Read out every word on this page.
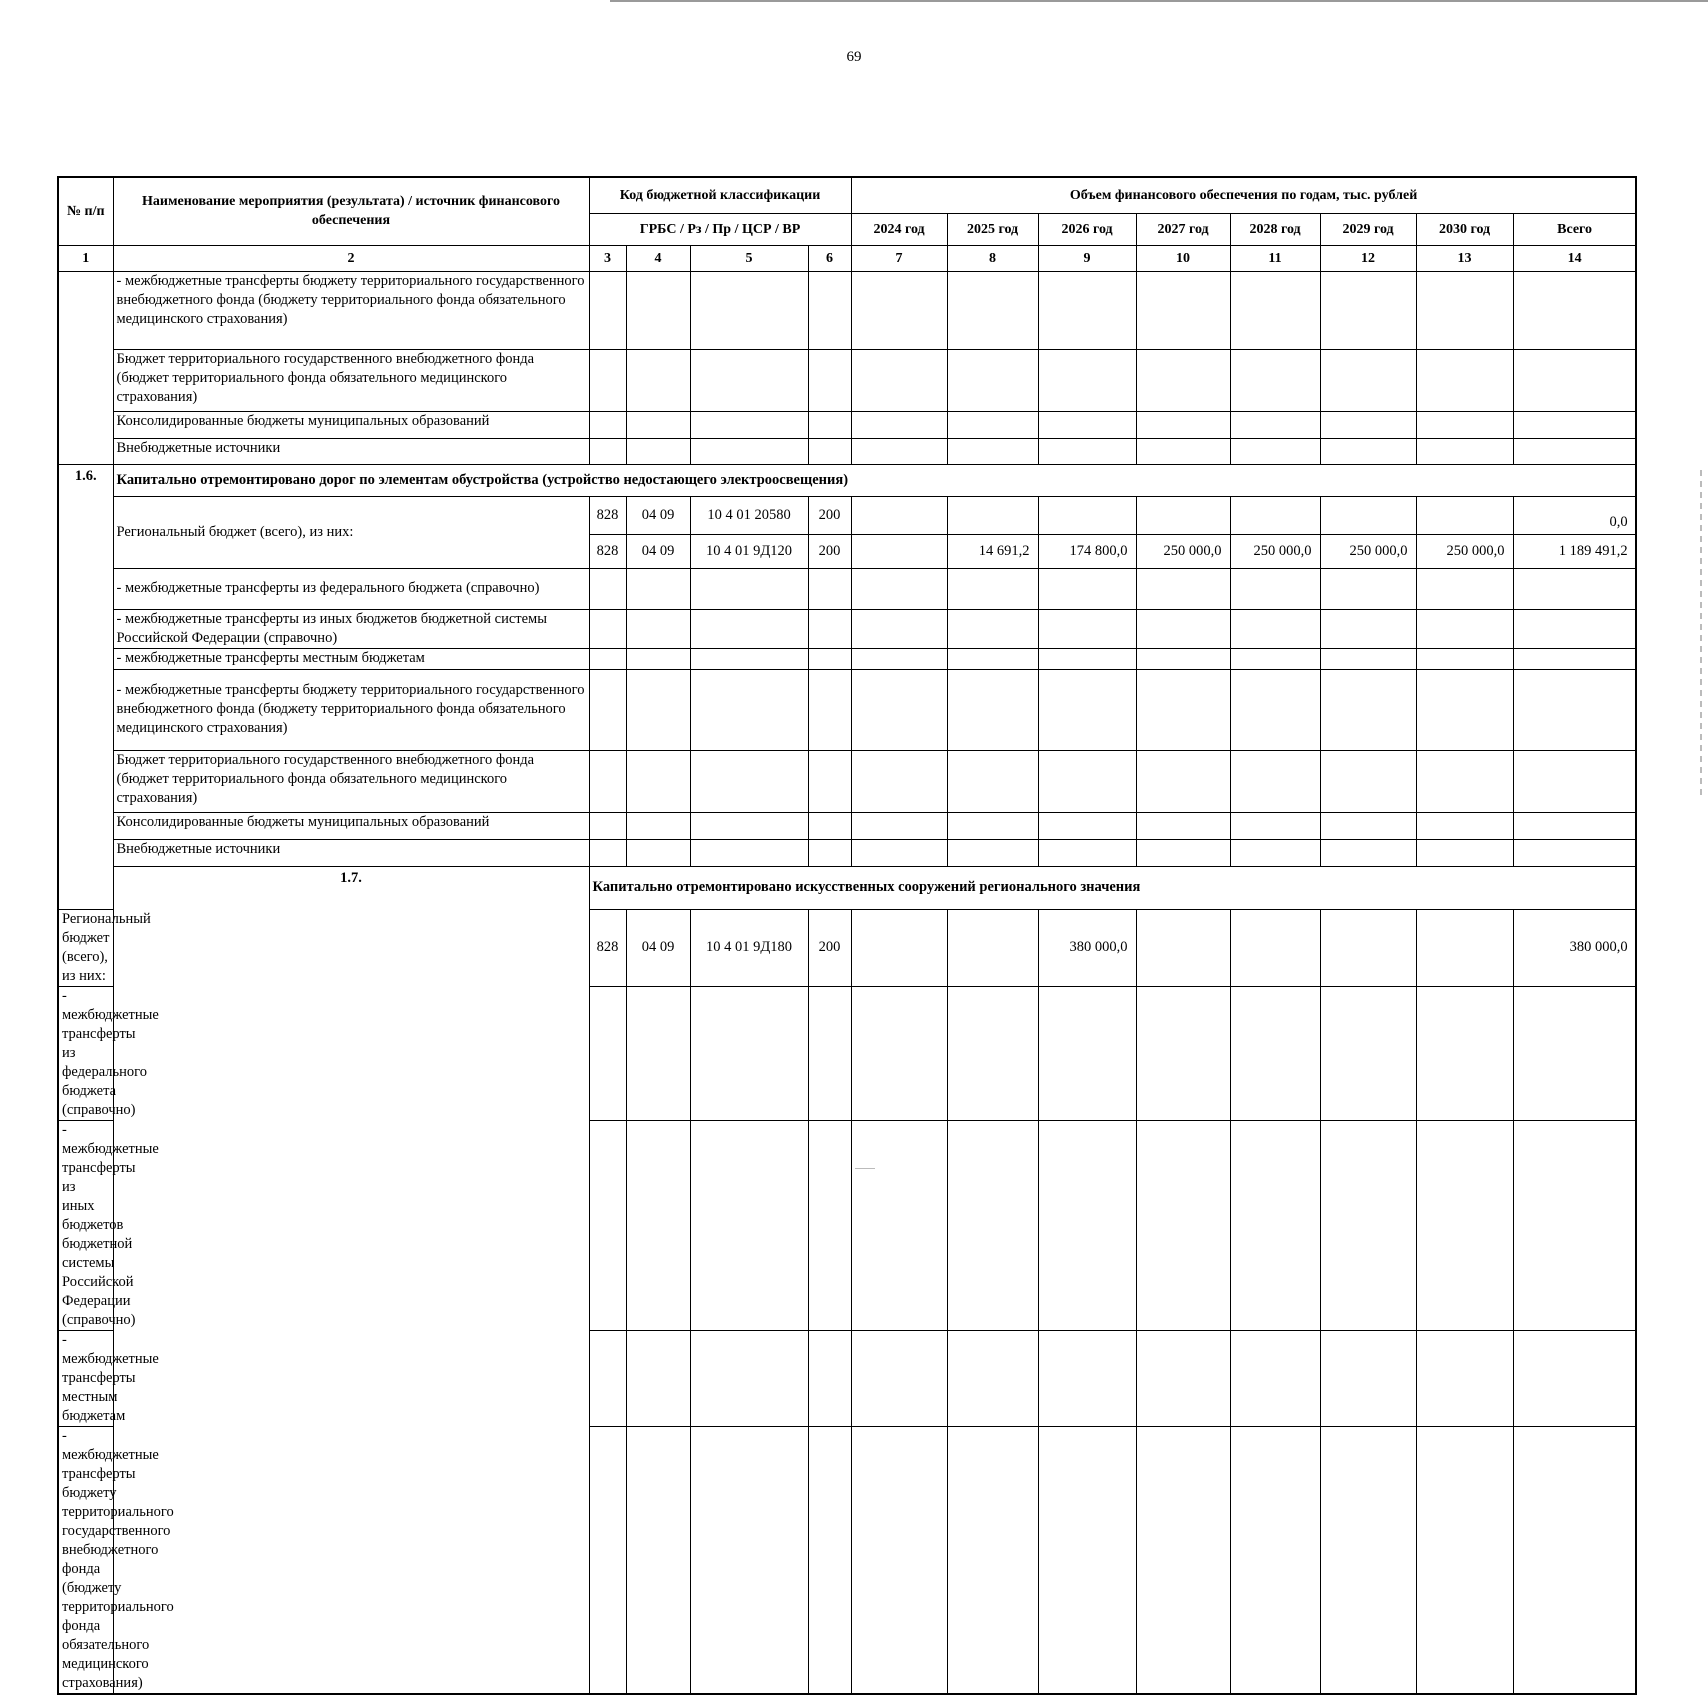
69
№ п/п	Наименование мероприятия (результата) / источник финансового обеспечения	Код бюджетной классификации				Объем финансового обеспечения по годам, тыс. рублей							
		ГРБС / Рз / Пр / ЦСР / ВР				2024 год	2025 год	2026 год	2027 год	2028 год	2029 год	2030 год	Всего
1	2	3	4	5	6	7	8	9	10	11	12	13	14
	- межбюджетные трансферты бюджету территориального государственного внебюджетного фонда (бюджету территориального фонда обязательного медицинского страхования)												
	Бюджет территориального государственного внебюджетного фонда (бюджет территориального фонда обязательного медицинского страхования)												
	Консолидированные бюджеты муниципальных образований												
	Внебюджетные источники												
1.6.	Капитально отремонтировано дорог по элементам обустройства (устройство недостающего электроосвещения)												
	Региональный бюджет (всего), из них:	828	04 09	10 4 01 20580	200								0,0
		828	04 09	10 4 01 9Д120	200		14 691,2	174 800,0	250 000,0	250 000,0	250 000,0	250 000,0	1 189 491,2
	- межбюджетные трансферты из федерального бюджета (справочно)												
	- межбюджетные трансферты из иных бюджетов бюджетной системы Российской Федерации (справочно)												
	- межбюджетные трансферты местным бюджетам												
	- межбюджетные трансферты бюджету территориального государственного внебюджетного фонда (бюджету территориального фонда обязательного медицинского страхования)												
	Бюджет территориального государственного внебюджетного фонда (бюджет территориального фонда обязательного медицинского страхования)												
	Консолидированные бюджеты муниципальных образований												
	Внебюджетные источники												
	1.7.	Капитально отремонтировано искусственных сооружений регионального значения											
Региональный бюджет (всего), из них:		828	04 09	10 4 01 9Д180	200			380 000,0					380 000,0
- межбюджетные трансферты из федерального бюджета (справочно)													
- межбюджетные трансферты из иных бюджетов бюджетной системы Российской Федерации (справочно)													
- межбюджетные трансферты местным бюджетам													
- межбюджетные трансферты бюджету территориального государственного внебюджетного фонда (бюджету территориального фонда обязательного медицинского страхования)													
